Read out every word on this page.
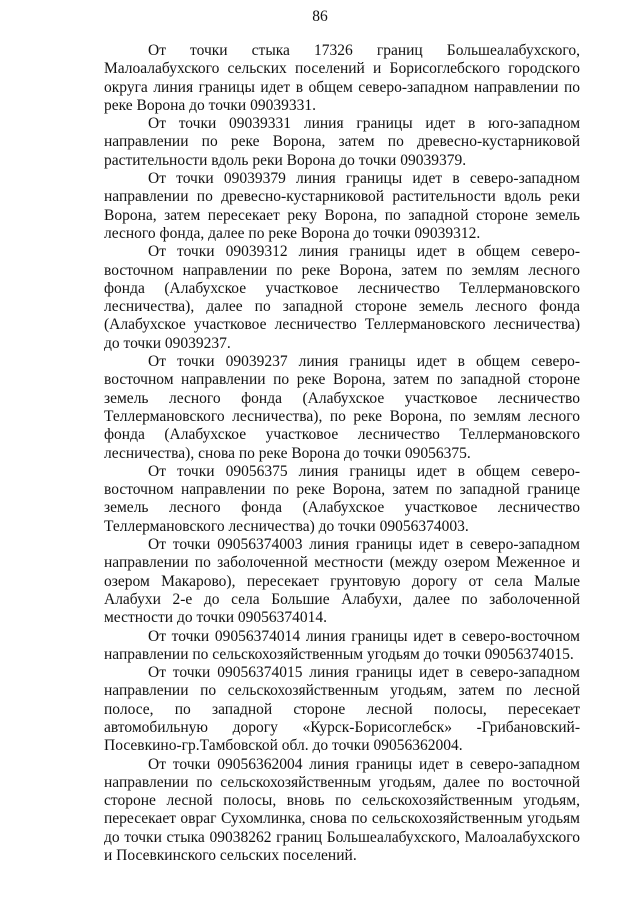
86

От точки стыка 17326 границ Большеалабухского, Малоалабухского сельских поселений и Борисоглебского городского округа линия границы идет в общем северо-западном направлении по реке Ворона до точки 09039331.

От точки 09039331 линия границы идет в юго-западном направлении по реке Ворона, затем по древесно-кустарниковой растительности вдоль реки Ворона до точки 09039379.

От точки 09039379 линия границы идет в северо-западном направлении по древесно-кустарниковой растительности вдоль реки Ворона, затем пересекает реку Ворона, по западной стороне земель лесного фонда, далее по реке Ворона до точки 09039312.

От точки 09039312 линия границы идет в общем северо-восточном направлении по реке Ворона, затем по землям лесного фонда (Алабухское участковое лесничество Теллермановского лесничества), далее по западной стороне земель лесного фонда (Алабухское участковое лесничество Теллермановского лесничества) до точки 09039237.

От точки 09039237 линия границы идет в общем северо-восточном направлении по реке Ворона, затем по западной стороне земель лесного фонда (Алабухское участковое лесничество Теллермановского лесничества), по реке Ворона, по землям лесного фонда (Алабухское участковое лесничество Теллермановского лесничества), снова по реке Ворона до точки 09056375.

От точки 09056375 линия границы идет в общем северо-восточном направлении по реке Ворона, затем по западной границе земель лесного фонда (Алабухское участковое лесничество Теллермановского лесничества) до точки 09056374003.

От точки 09056374003 линия границы идет в северо-западном направлении по заболоченной местности (между озером Меженное и озером Макарово), пересекает грунтовую дорогу от села Малые Алабухи 2-е до села Большие Алабухи, далее по заболоченной местности до точки 09056374014.

От точки 09056374014 линия границы идет в северо-восточном направлении по сельскохозяйственным угодьям до точки 09056374015.

От точки 09056374015 линия границы идет в северо-западном направлении по сельскохозяйственным угодьям, затем по лесной полосе, по западной стороне лесной полосы, пересекает автомобильную дорогу «Курск-Борисоглебск» -Грибановский-Посевкино-гр.Тамбовской обл. до точки 09056362004.

От точки 09056362004 линия границы идет в северо-западном направлении по сельскохозяйственным угодьям, далее по восточной стороне лесной полосы, вновь по сельскохозяйственным угодьям, пересекает овраг Сухомлинка, снова по сельскохозяйственным угодьям до точки стыка 09038262 границ Большеалабухского, Малоалабухского и Посевкинского сельских поселений.
